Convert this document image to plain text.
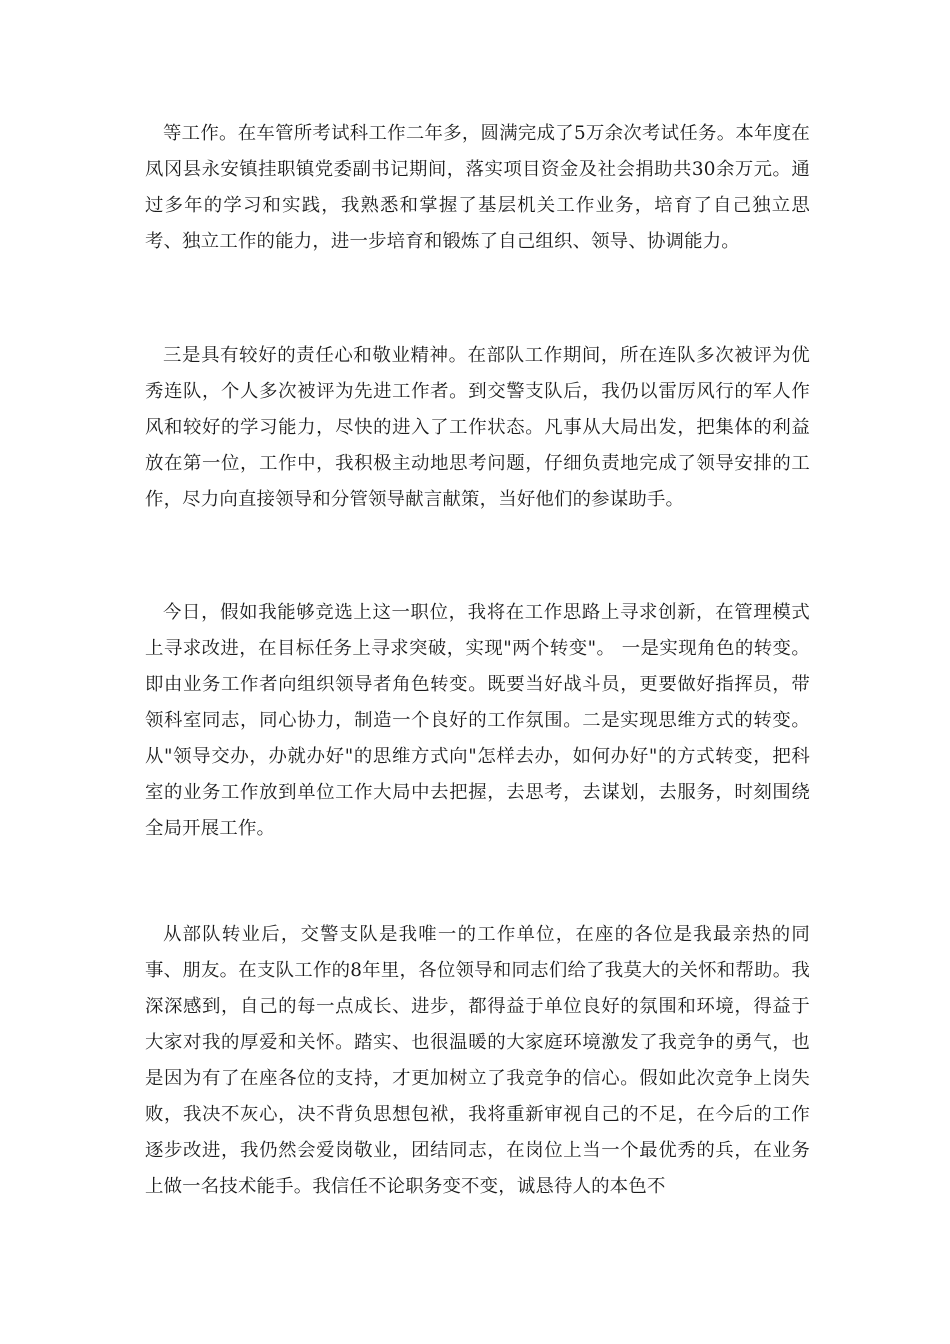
等工作。在车管所考试科工作二年多，圆满完成了5万余次考试任务。本年度在凤冈县永安镇挂职镇党委副书记期间，落实项目资金及社会捐助共30余万元。通过多年的学习和实践，我熟悉和掌握了基层机关工作业务，培育了自己独立思考、独立工作的能力，进一步培育和锻炼了自己组织、领导、协调能力。

三是具有较好的责任心和敬业精神。在部队工作期间，所在连队多次被评为优秀连队，个人多次被评为先进工作者。到交警支队后，我仍以雷厉风行的军人作风和较好的学习能力，尽快的进入了工作状态。凡事从大局出发，把集体的利益放在第一位，工作中，我积极主动地思考问题，仔细负责地完成了领导安排的工作，尽力向直接领导和分管领导献言献策，当好他们的参谋助手。

今日，假如我能够竞选上这一职位，我将在工作思路上寻求创新，在管理模式上寻求改进，在目标任务上寻求突破，实现"两个转变"。 一是实现角色的转变。即由业务工作者向组织领导者角色转变。既要当好战斗员，更要做好指挥员，带领科室同志，同心协力，制造一个良好的工作氛围。二是实现思维方式的转变。从"领导交办，办就办好"的思维方式向"怎样去办，如何办好"的方式转变，把科室的业务工作放到单位工作大局中去把握，去思考，去谋划，去服务，时刻围绕全局开展工作。

从部队转业后，交警支队是我唯一的工作单位，在座的各位是我最亲热的同事、朋友。在支队工作的8年里，各位领导和同志们给了我莫大的关怀和帮助。我深深感到，自己的每一点成长、进步，都得益于单位良好的氛围和环境，得益于大家对我的厚爱和关怀。踏实、也很温暖的大家庭环境激发了我竞争的勇气，也是因为有了在座各位的支持，才更加树立了我竞争的信心。假如此次竞争上岗失败，我决不灰心，决不背负思想包袱，我将重新审视自己的不足，在今后的工作逐步改进，我仍然会爱岗敬业，团结同志，在岗位上当一个最优秀的兵，在业务上做一名技术能手。我信任不论职务变不变，诚恳待人的本色不
